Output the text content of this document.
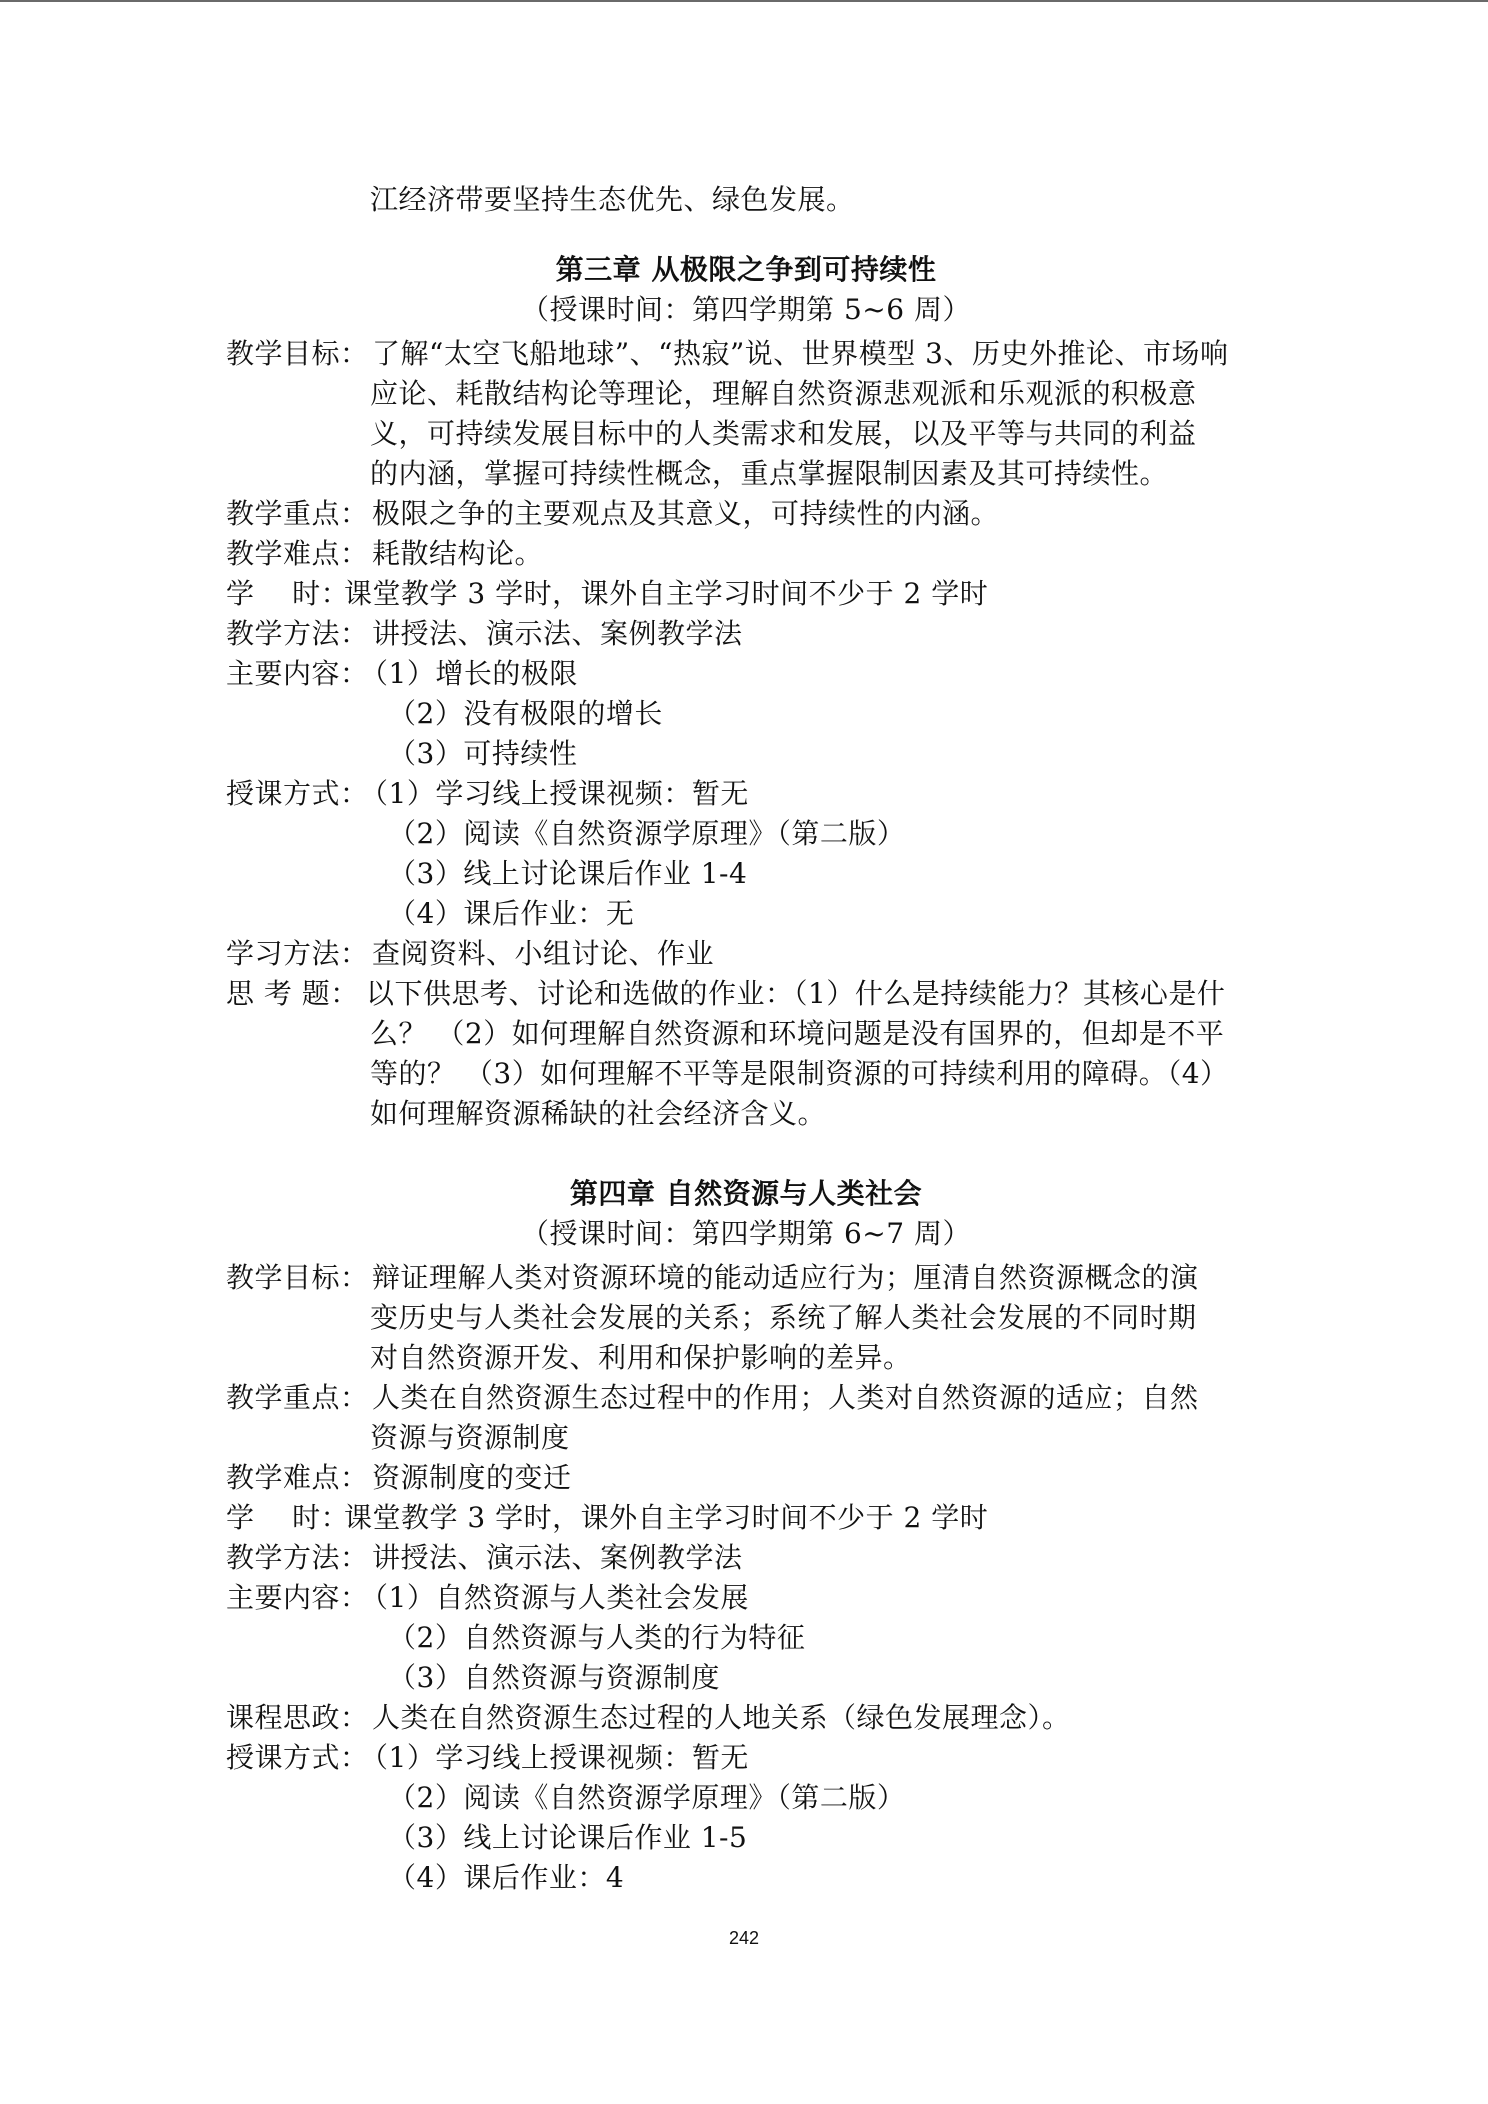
江经济带要坚持生态优先、绿色发展。
第三章 从极限之争到可持续性
（授课时间：第四学期第 5~6 周）
教学目标： 了解“太空飞船地球”、“热寂”说、世界模型 3、历史外推论、市场响
应论、耗散结构论等理论，理解自然资源悲观派和乐观派的积极意
义，可持续发展目标中的人类需求和发展，以及平等与共同的利益
的内涵，掌握可持续性概念，重点掌握限制因素及其可持续性。
教学重点： 极限之争的主要观点及其意义，可持续性的内涵。
教学难点： 耗散结构论。
学    时：
课堂教学 3 学时，课外自主学习时间不少于 2 学时
教学方法： 讲授法、演示法、案例教学法
主要内容：
（1）增长的极限
（2）没有极限的增长
（3）可持续性
授课方式：
（1）学习线上授课视频：暂无
（2）阅读《自然资源学原理》（第二版）
（3）线上讨论课后作业 1-4
（4）课后作业：无
学习方法： 查阅资料、小组讨论、作业
思 考 题： 以下供思考、讨论和选做的作业：（1）什么是持续能力？其核心是什
么？ （2）如何理解自然资源和环境问题是没有国界的，但却是不平
等的？ （3）如何理解不平等是限制资源的可持续利用的障碍。（4）
如何理解资源稀缺的社会经济含义。
第四章 自然资源与人类社会
（授课时间：第四学期第 6~7 周）
教学目标： 辩证理解人类对资源环境的能动适应行为；厘清自然资源概念的演
变历史与人类社会发展的关系；系统了解人类社会发展的不同时期
对自然资源开发、利用和保护影响的差异。
教学重点： 人类在自然资源生态过程中的作用；人类对自然资源的适应；自然
资源与资源制度
教学难点： 资源制度的变迁
学    时：
课堂教学 3 学时，课外自主学习时间不少于 2 学时
教学方法： 讲授法、演示法、案例教学法
主要内容：
（1）自然资源与人类社会发展
（2）自然资源与人类的行为特征
（3）自然资源与资源制度
课程思政： 人类在自然资源生态过程的人地关系（绿色发展理念）。
授课方式：
（1）学习线上授课视频：暂无
（2）阅读《自然资源学原理》（第二版）
（3）线上讨论课后作业 1-5
（4）课后作业：4
242
